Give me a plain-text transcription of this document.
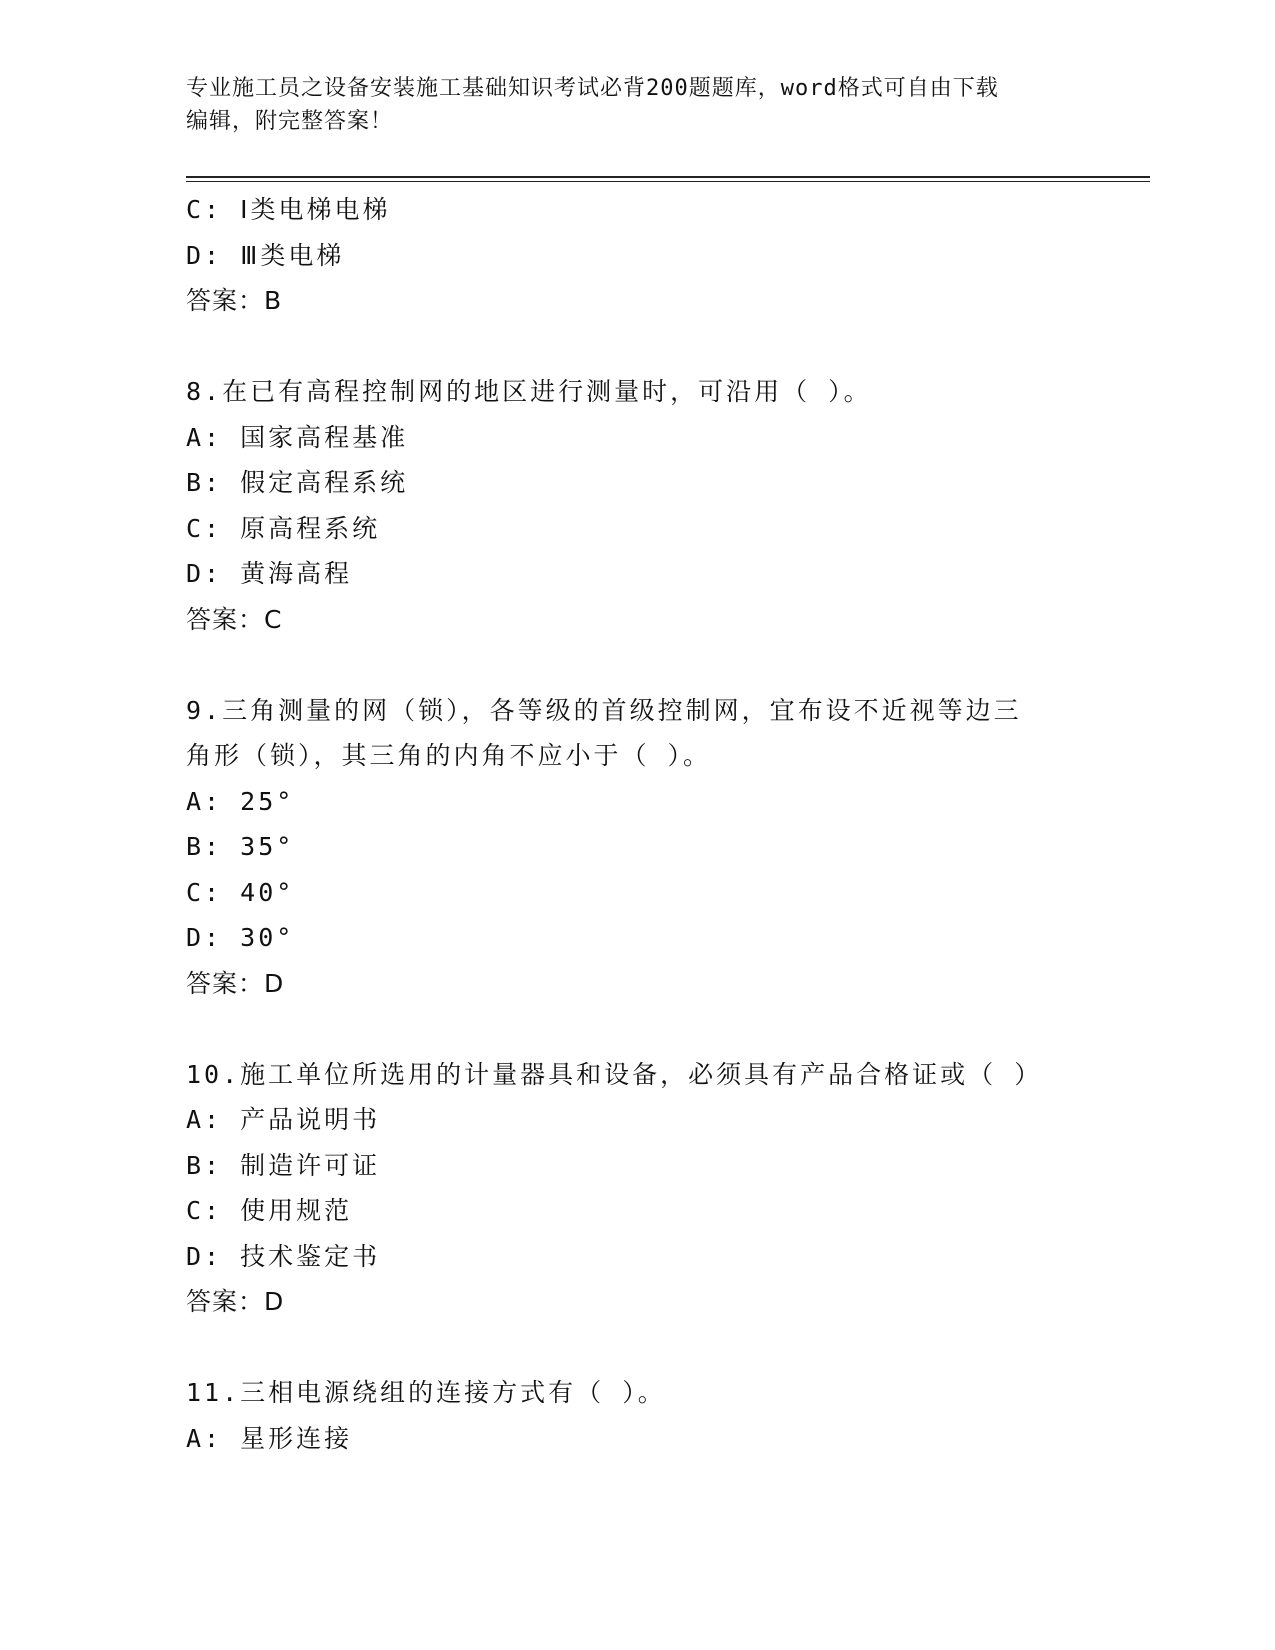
专业施工员之设备安装施工基础知识考试必背200题题库，word格式可自由下载
编辑，附完整答案！
C: Ⅰ类电梯电梯
D: Ⅲ类电梯
答案：B
8.在已有高程控制网的地区进行测量时，可沿用（ ）。
A: 国家高程基准
B: 假定高程系统
C: 原高程系统
D: 黄海高程
答案：C
9.三角测量的网（锁），各等级的首级控制网，宜布设不近视等边三
角形（锁），其三角的内角不应小于（ ）。
A: 25°
B: 35°
C: 40°
D: 30°
答案：D
10.施工单位所选用的计量器具和设备，必须具有产品合格证或（ ）
A: 产品说明书
B: 制造许可证
C: 使用规范
D: 技术鉴定书
答案：D
11.三相电源绕组的连接方式有（ ）。
A: 星形连接
